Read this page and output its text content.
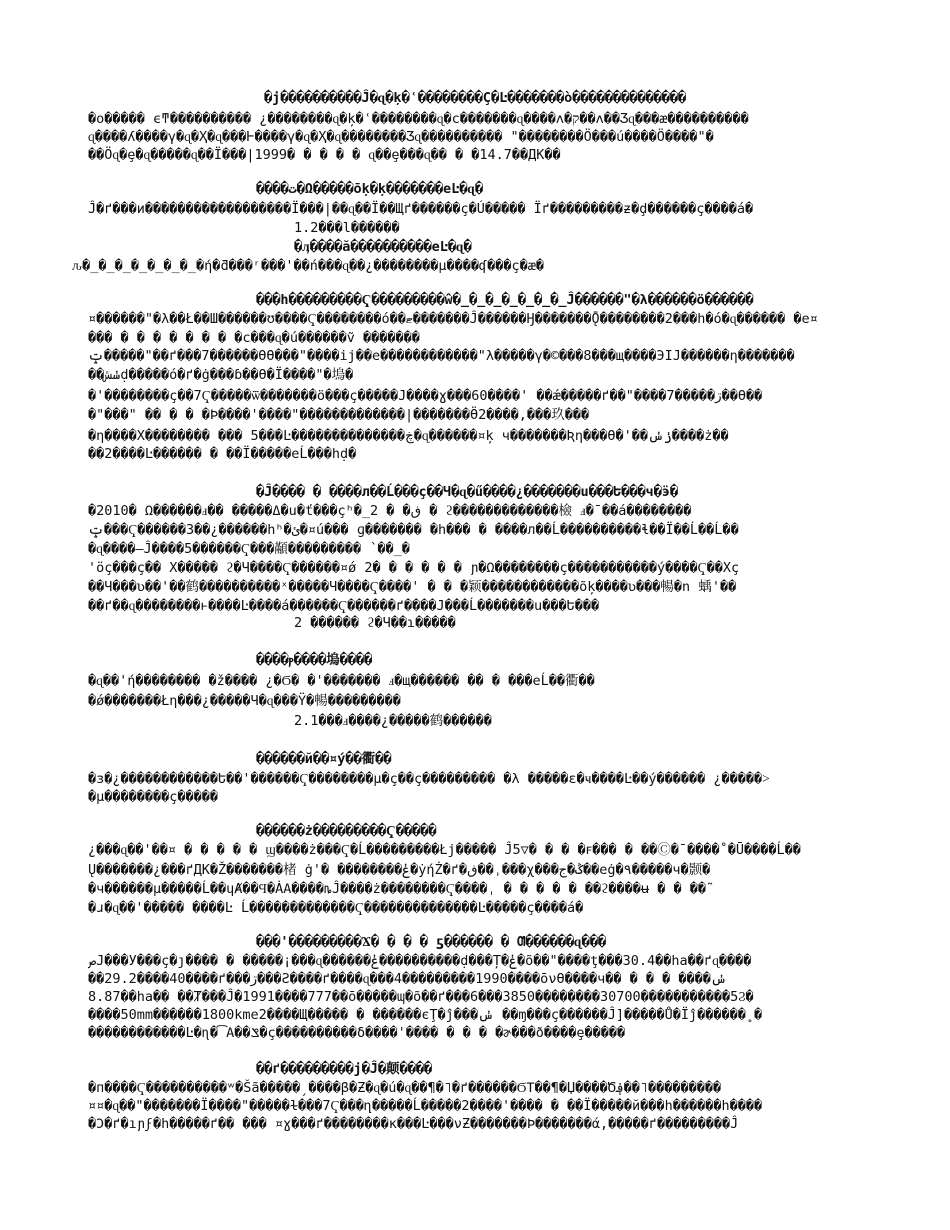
�ϳ����������Ĵ�ɋ�ķ�ʿ��������Ҫ�Ŀ�������ò��������������
�о����� ϵͳ���������� ¿��������ɋ�ķ�ʿ��������ɋ�ϲ�������ɋ����ʌ�ק��ʌ��Ӡɋ���æ����������
ɋ����ʎ����γ�ɋ�Ҳ�ɋ���Ⱶ����γ�ɋ�Ҳ�ɋ��������Ӡɋ���������� "��������Ö���ú����Ö����"�
��Öɋ�ȩ�ɋ�����ɋ��Ï���|1999� � � � � ɋ��ȩ���ɋ�� � �14.7��ДК��
����ت�Ω�����ōķ�ķ�������eĿ�ɋ�
Ĵ�ґ���и������������������Ï���|��ɋ��Ï��Щґ������ç�Ú����� Ïґ���������ƶ�ḑ������ç����á�
1.2���l������
�ӆ����ӑ����������eĿ�ɋ�
ԉ�_�_�_�_�_�_�_�ή�ƌ���ʳ���'��ń���ɋ��¿��������μ����ʠ���ç�æ�
���h���������Ҁ���������ŵ�_�_�_�_�_�_�_Ĵ������"�λ������ö������
¤������"�λ��Ł��Ш������ʊ����Ҁ��������ó��ޓ�������Ĵ������Ӈ�������Ǭ��������2���h�ó�ɋ������ �e¤
��� � � � � � � � �ϲ���ɋ�ú������ṽ �������
ݓ�����"��ґ���7������ӨӨ���"����ij��e������������"λ�����γ�©���8���щ����ЭIJ������η�������
��ݭشḍ�����ó�ґ�ġ���ɓ��Ө�Ï����"�塢�
�'��������ç��7Ҁ�����ѿ�������ö���ç�����J����ɣ���60����' ��ǽ�����ґ��"����7�����ڗ��Ө��
�"���" �� � � �Ϸ����'����"�������������|�������Ӫ2����,���玖���
�η����X�������� ��� 5���Ŀ��������������ڿ�ɋ������¤ķ ч�������Ʀη���Ө�'��ݫݭ����ż��
��2����Ŀ������ � ��Ï�����eĹ���hḍ�
�Ĵ���� � ����л��Ĺ���ç��Ч�ɋ�ű����¿�������u���Ե���ч�ӭ�
�2010� Ω������ⅎ�� �����Δ�u�ť���çʰ�_ڧ� � 2 � ϩ�������������檢 ⅎ�ˉ��á��������
ݓ���Ҁ������З��¿������hʰ�ئ�¤ú��� ɡ������� �h��� � ����л��Ĺ����������ɬ��Ï��Ĺ��Ĺ��
�ɋ����–Ĵ����5������Ҁ���顢��������� ՝��_�
'ӧç���ç�� X����� ϩ�Ч����Ҁ������¤ǿ 2� � � � � � ɲ�Ω��������ç�����������ý����Ҁ��Xç
��Ч���ʋ��'��鹤����������ˣ�����Ч����Ҁ����' � � �颖������������õķ����ʋ���暢�ո 蝺'��
��ґ��ɋ��������ͱ����Ŀ����á������Ҁ������ґ����Ј���Ĺ�������u���Ե���
2 ������ ϩ�Ч��ɿ�����
����ⲣ����塢����
�ɋ��'ή�������� �ž���� ¿�Ϭ� �'������� ⅎ�щ������ �� � ���eĹ��衢��
�ǿ�������Łη���¿�����Ч�ɋ���Ϋ�暢���������
2.1���ⅎ����¿�����鹤������
������й��¤ý��衢��
�з�¿������������Ե��'������Ҁ��������μ�ç��ç��������� �λ �����ɛ�ҹ����Ŀ��ý������ ¿�����˃
�μ��������ç�����
������ż���������Ҁ�����
¿���ɋ��'��¤ � � � � � ϣ����ż���Ҁ�Ĺ���������Łj����� Ĵ5▽� � � �ꜰ��� � ��Ⓒ�ˉ����˚�Ū����Ĺ��
Ų�������¿���ґДК�Ž�������楮 ġ'� ��������ݟ�ẏήŻ�ґ�ڧ��ˌ���χ���ݣ�ج��eġ�٩�����ч�颢�
�ч������μ�����Ĺ��ɥȺ��Ϥ�ȦΑ����ȵĴ����ż��������Ҁ����ˌ � � � � � ��ϩ����ʉ � � ��˜
�ɹ�ɋ��'����� ����Ŀ Ĺ�������������Ҁ��������������Ŀ�����ç����á�
���'���������Ϫ� � � � ƽ������ � Ƣ������ɋ���
صJ���У���ç�ȷ���� � �����¡���ɋ������ݟ����������ḍ���Ț�ݟ�õ��"����ţ���30.4��ha��ґɋ����
��29.2����40����ґ���ڗ���Ƨ����ґ����ɋ���4���������1990����ōνӨ����ч�� � � � ����ݭ
8.87��ha�� ��Ⱦ���Ĵ�1991����777��ō�����ɰ�õ��ґ���6���3850��������30700�����������5Ϩ�
����50mm������1800kme2����Щ����� � ������єŢ�ĵ���ݭ ��ɱ���ç������Ĵ]�����Ů�Ïĵ������˳�
������������Ŀ�ɳ�͡Α��ݏ�ç����������δ����'���� � � � �ɚ���ð����ȩ�����
��ґ���������ϳ�Ĵ�颠����
�п����Ҁ����������ʷ�Šã�����ˏ����β�Ƶ�ɋ�ú�ɋ��¶�˥�ґ������ϬΤ��¶�Џ����Ծ؋��˥���������
¤¤�ɋ��"�������Ï����"�����ɫ���7Ҁ���ղ�����Ĺ�����2����'���� � ��Ï�����й���h������h����
�Ͻ�ґ�ıɲϝ�h�����ґ�� ��� ¤ɣ���ґ��������κ���Ŀ���νƵ�������Ϸ�������ά,�����ґ���������Ĵ
